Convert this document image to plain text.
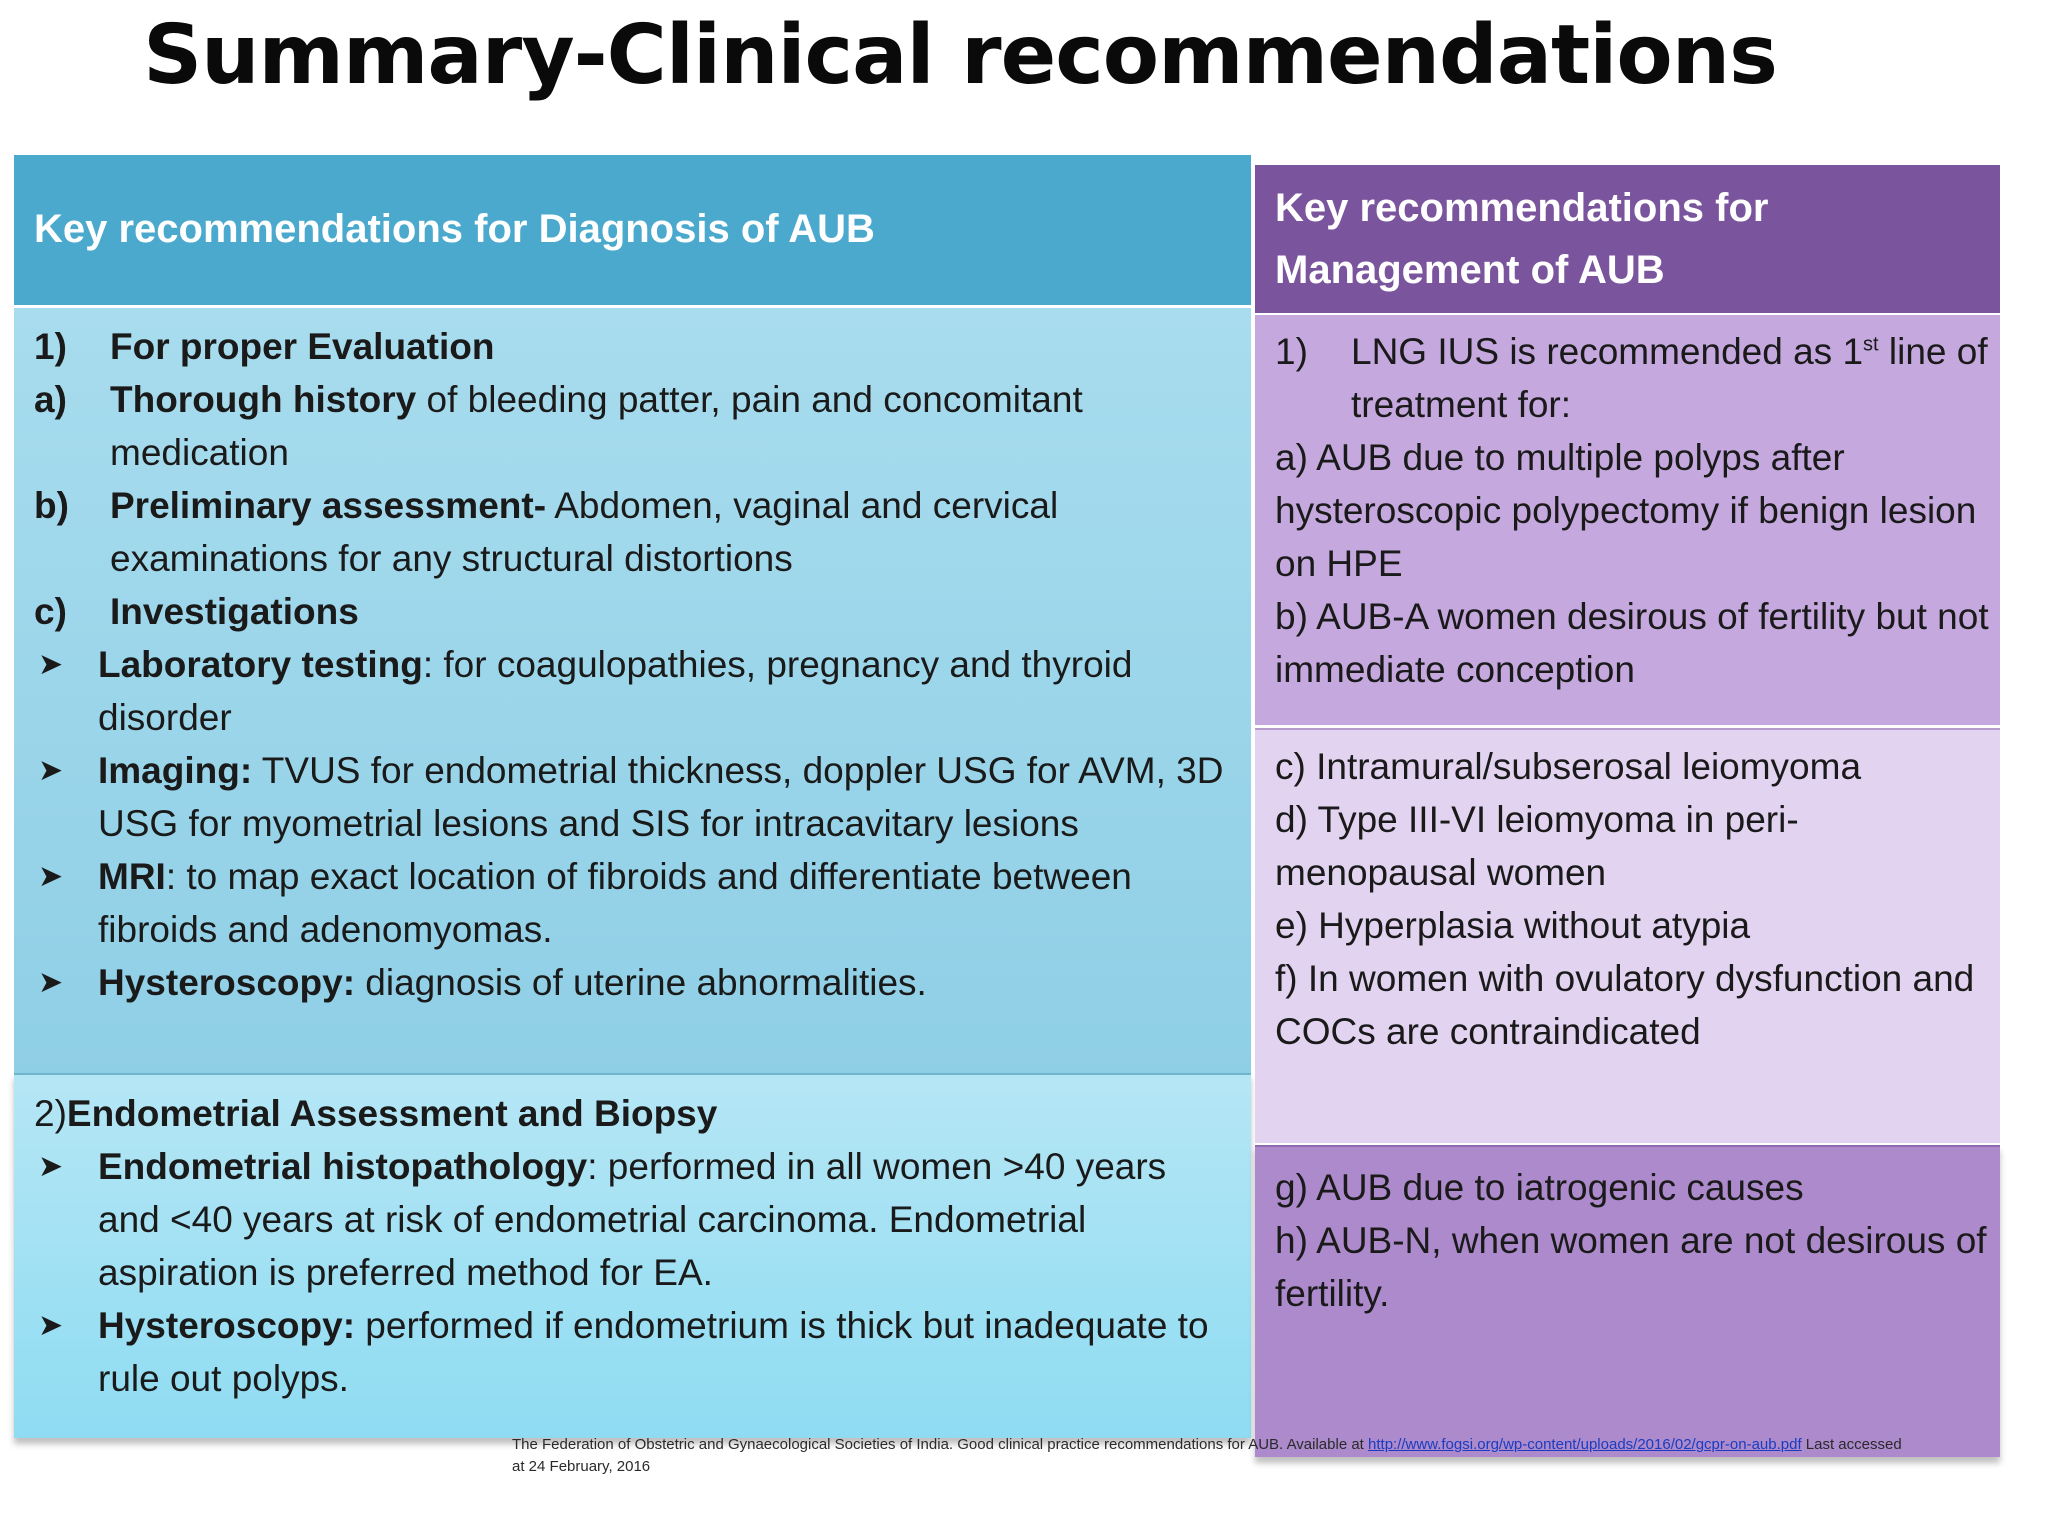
Summary-Clinical recommendations
Key recommendations for Diagnosis of AUB
1)	For proper Evaluation
a)	Thorough history of bleeding patter, pain and concomitant medication
b)	Preliminary assessment- Abdomen, vaginal and cervical examinations for any structural distortions
c)	Investigations
➤ Laboratory testing: for coagulopathies, pregnancy and thyroid disorder
➤ Imaging: TVUS for endometrial thickness, doppler USG for AVM, 3D USG for myometrial lesions and SIS for intracavitary lesions
➤ MRI: to map exact location of fibroids and differentiate between fibroids and adenomyomas.
➤ Hysteroscopy: diagnosis of uterine abnormalities.
2) Endometrial Assessment and Biopsy
➤ Endometrial histopathology: performed in all women >40 years and <40 years at risk of endometrial carcinoma. Endometrial aspiration is preferred method for EA.
➤ Hysteroscopy: performed if endometrium is thick but inadequate to rule out polyps.
Key recommendations for Management of AUB
1)	LNG IUS is recommended as 1st line of treatment for:

a) AUB due to multiple polyps after hysteroscopic polypectomy if benign lesion on HPE

b) AUB-A women desirous of fertility but not immediate conception

c) Intramural/subserosal leiomyoma

d) Type III-VI leiomyoma in peri-menopausal women

e) Hyperplasia without atypia

f) In women with ovulatory dysfunction and COCs are contraindicated

g) AUB due to iatrogenic causes

h) AUB-N, when women are not desirous of fertility.

The Federation of Obstetric and Gynaecological Societies of India. Good clinical practice recommendations for AUB. Available at http://www.fogsi.org/wp-content/uploads/2016/02/gcpr-on-aub.pdf Last accessed at 24 February, 2016
